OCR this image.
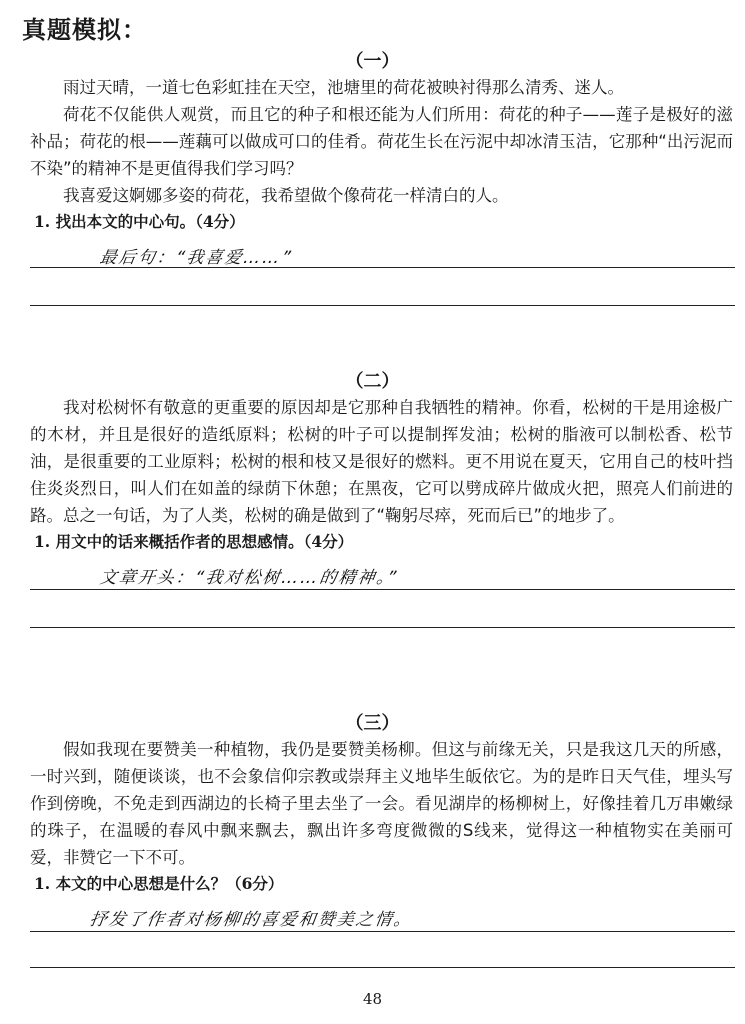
真题模拟：
（一）

雨过天晴，一道七色彩虹挂在天空，池塘里的荷花被映衬得那么清秀、迷人。

荷花不仅能供人观赏，而且它的种子和根还能为人们所用：荷花的种子——莲子是极好的滋补品；荷花的根——莲藕可以做成可口的佳肴。荷花生长在污泥中却冰清玉洁，它那种“出污泥而不染”的精神不是更值得我们学习吗？

我喜爱这婀娜多姿的荷花，我希望做个像荷花一样清白的人。

1. 找出本文的中心句。（4分）
最后句：“我喜爱……”
（二）

我对松树怀有敬意的更重要的原因却是它那种自我牺牲的精神。你看，松树的干是用途极广的木材，并且是很好的造纸原料；松树的叶子可以提制挥发油；松树的脂液可以制松香、松节油，是很重要的工业原料；松树的根和枝又是很好的燃料。更不用说在夏天，它用自己的枝叶挡住炎炎烈日，叫人们在如盖的绿荫下休憩；在黑夜，它可以劈成碎片做成火把，照亮人们前进的路。总之一句话，为了人类，松树的确是做到了“鞠躬尽瘁，死而后已”的地步了。

1. 用文中的话来概括作者的思想感情。（4分）
文章开头：“我对松树……的精神。”
（三）

假如我现在要赞美一种植物，我仍是要赞美杨柳。但这与前缘无关，只是我这几天的所感，一时兴到，随便谈谈，也不会象信仰宗教或崇拜主义地毕生皈依它。为的是昨日天气佳，埋头写作到傍晚，不免走到西湖边的长椅子里去坐了一会。看见湖岸的杨柳树上，好像挂着几万串嫩绿的珠子，在温暖的春风中飘来飘去，飘出许多弯度微微的S线来，觉得这一种植物实在美丽可爱，非赞它一下不可。

1. 本文的中心思想是什么？（6分）
抒发了作者对杨柳的喜爱和赞美之情。
48
